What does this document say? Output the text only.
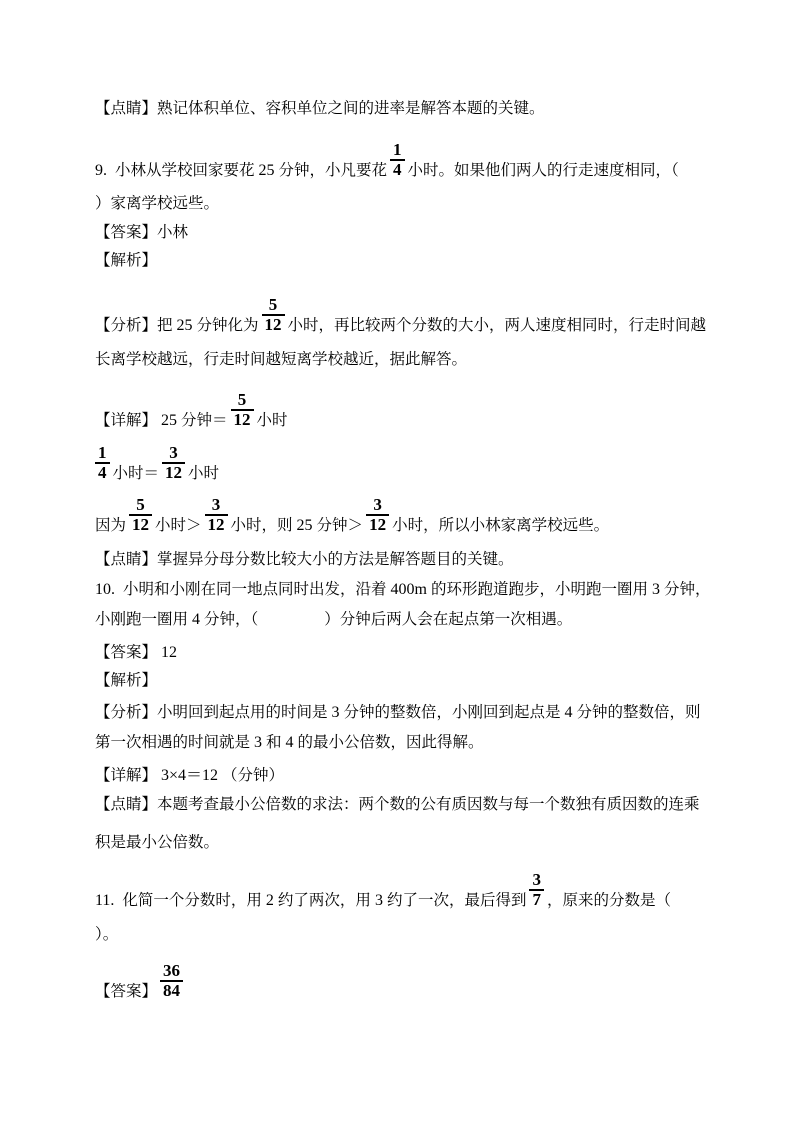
【点睛】熟记体积单位、容积单位之间的进率是解答本题的关键。
9. 小林从学校回家要花 25 分钟，小凡要花 $\frac{1}{4}$ 小时。如果他们两人的行走速度相同，（
）家离学校远些。
【答案】小林
【解析】
【分析】把 25 分钟化为 $\frac{5}{12}$ 小时，再比较两个分数的大小，两人速度相同时，行走时间越
长离学校越远，行走时间越短离学校越近，据此解答。
【详解】 25 分钟＝ $\frac{5}{12}$ 小时
$\frac{1}{4}$ 小时＝ $\frac{3}{12}$ 小时
因为 $\frac{5}{12}$ 小时＞ $\frac{3}{12}$ 小时，则 25 分钟＞ $\frac{3}{12}$ 小时，所以小林家离学校远些。
【点睛】掌握异分母分数比较大小的方法是解答题目的关键。
10. 小明和小刚在同一地点同时出发，沿着 400m 的环形跑道跑步，小明跑一圈用 3 分钟，
小刚跑一圈用 4 分钟，（	）分钟后两人会在起点第一次相遇。
【答案】 12
【解析】
【分析】小明回到起点用的时间是 3 分钟的整数倍，小刚回到起点是 4 分钟的整数倍，则
第一次相遇的时间就是 3 和 4 的最小公倍数，因此得解。
【详解】 3×4＝12 （分钟）
【点睛】本题考查最小公倍数的求法：两个数的公有质因数与每一个数独有质因数的连乘
积是最小公倍数。
11. 化简一个分数时，用 2 约了两次，用 3 约了一次，最后得到 $\frac{3}{7}$ ，原来的分数是（
）。
【答案】 $\frac{36}{84}$
